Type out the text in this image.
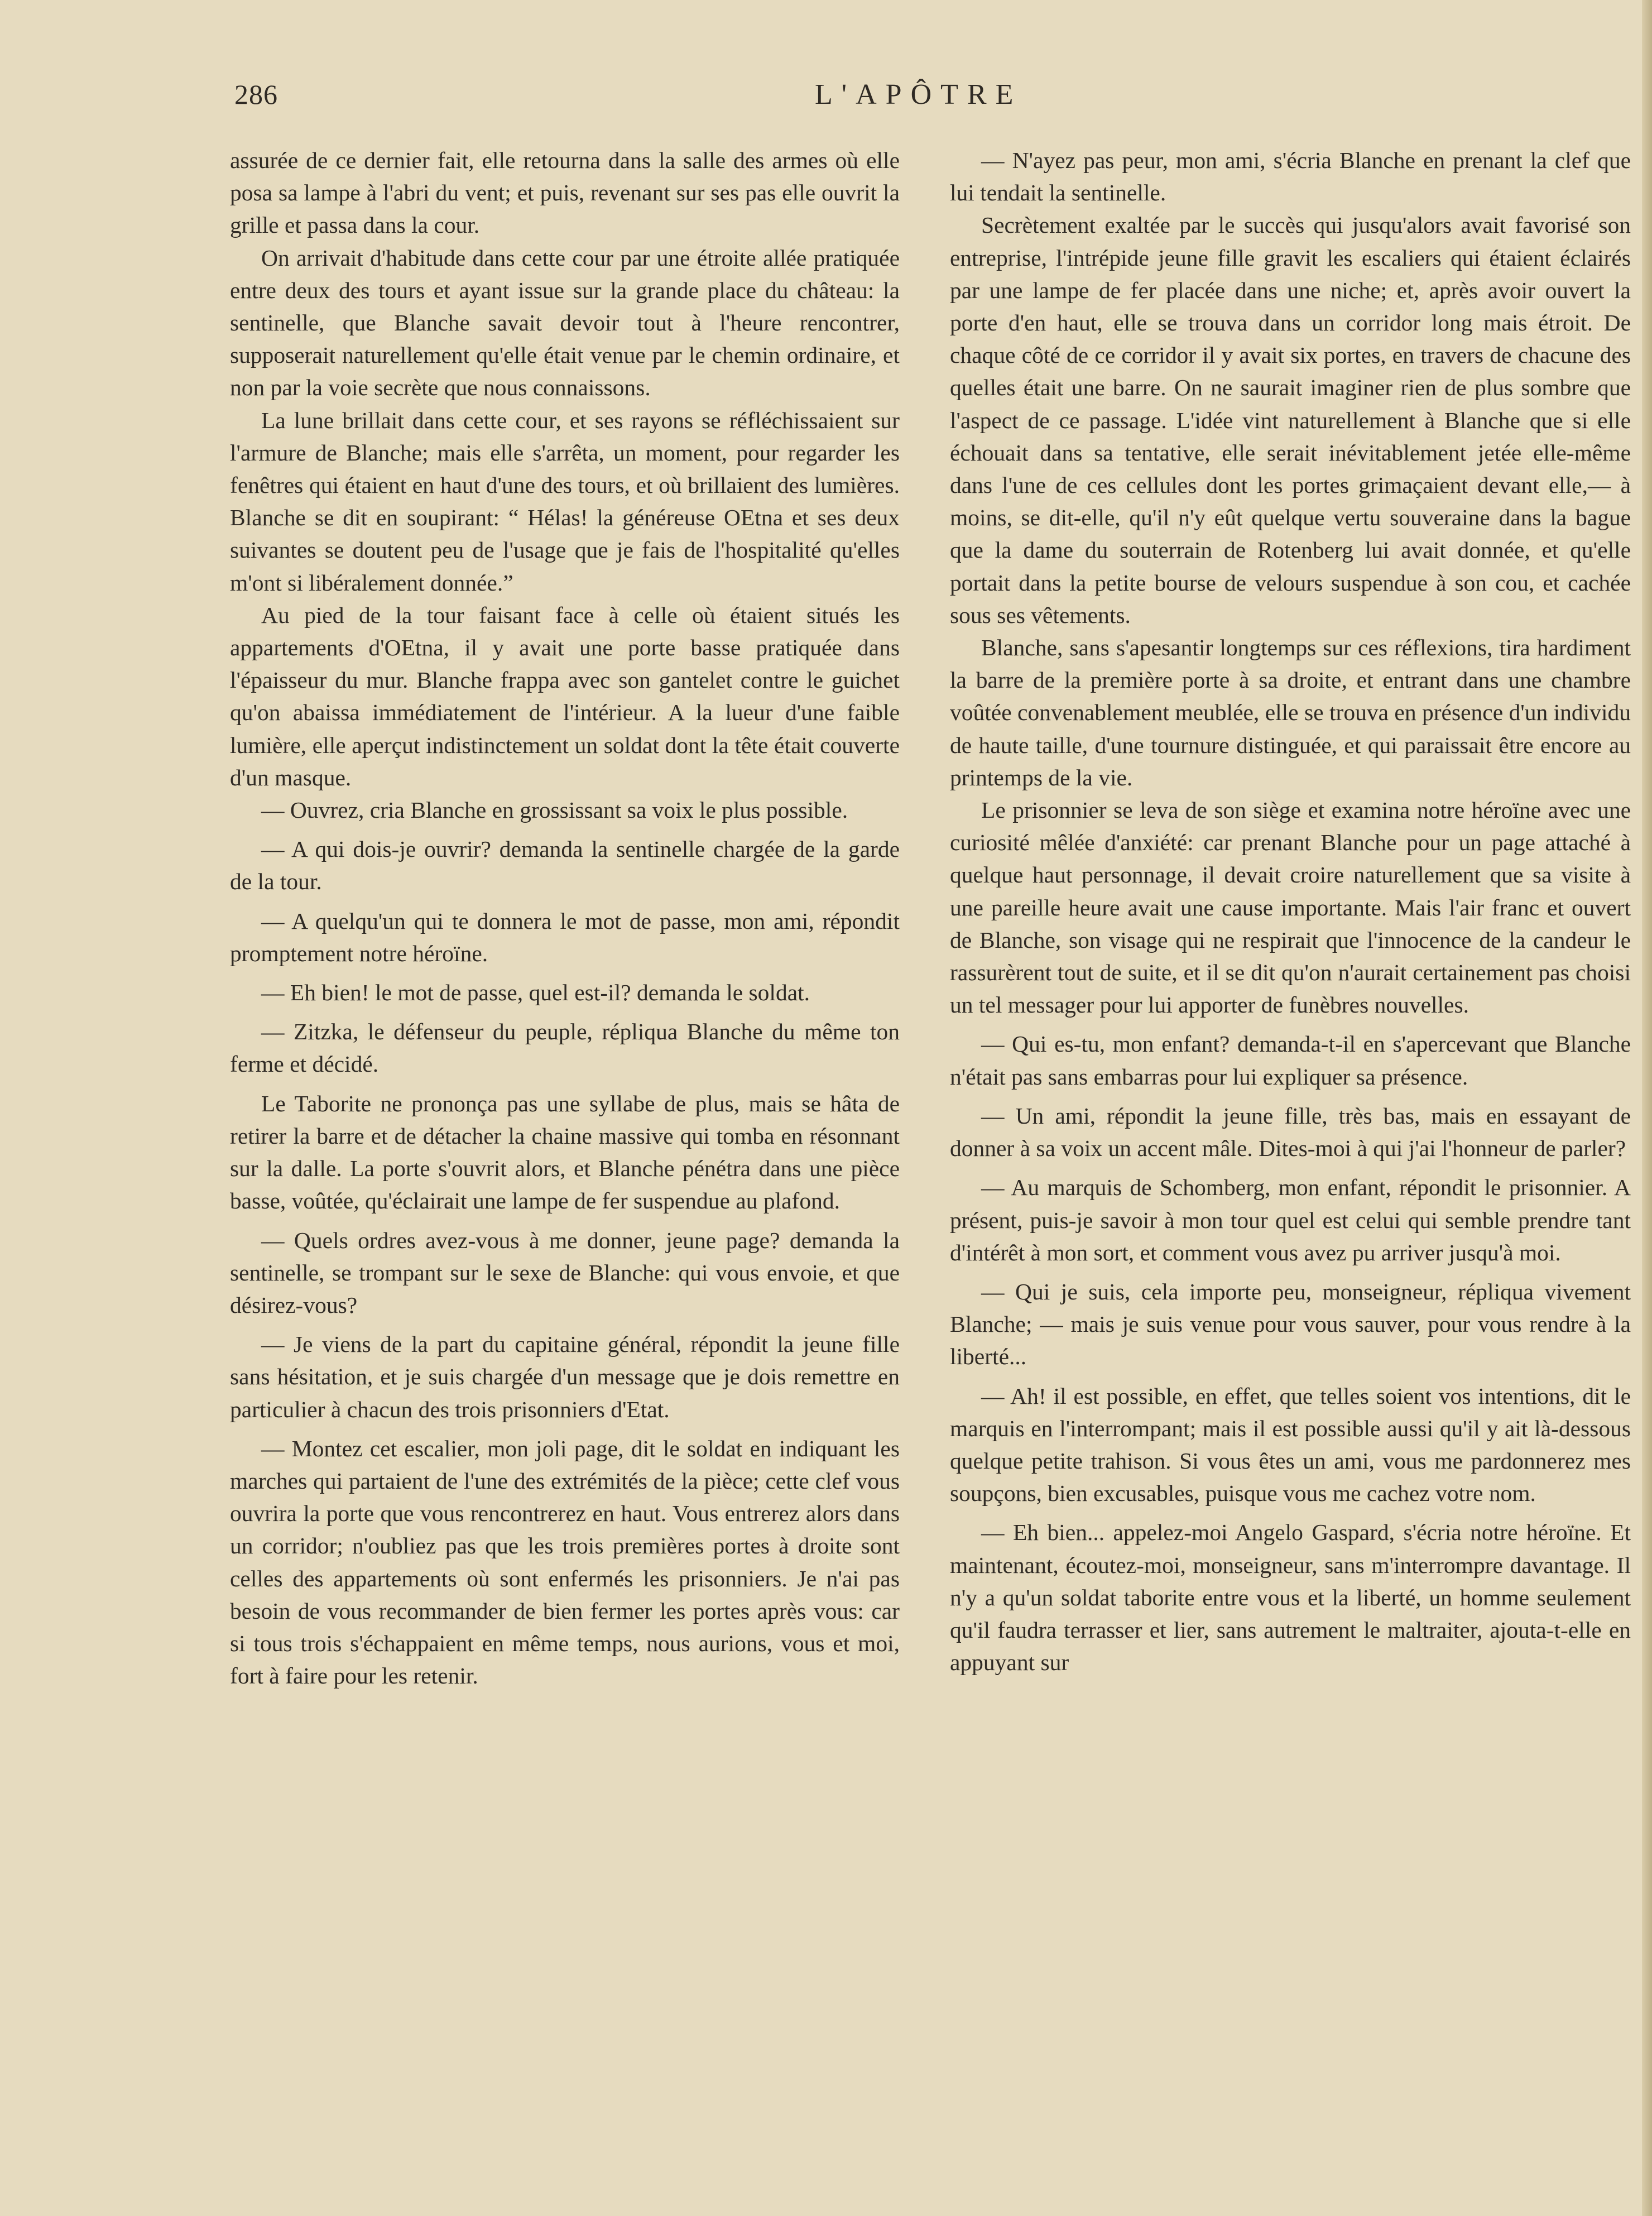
286	L'APÔTRE

assurée de ce dernier fait, elle retourna dans la salle des armes où elle posa sa lampe à l'abri du vent; et puis, revenant sur ses pas elle ouvrit la grille et passa dans la cour.

On arrivait d'habitude dans cette cour par une étroite allée pratiquée entre deux des tours et ayant issue sur la grande place du château: la sentinelle, que Blanche savait devoir tout à l'heure rencontrer, supposerait naturellement qu'elle était venue par le chemin ordinaire, et non par la voie secrète que nous connaissons.

La lune brillait dans cette cour, et ses rayons se réfléchissaient sur l'armure de Blanche; mais elle s'arrêta, un moment, pour regarder les fenêtres qui étaient en haut d'une des tours, et où brillaient des lumières. Blanche se dit en soupirant: “ Hélas! la généreuse OEtna et ses deux suivantes se doutent peu de l'usage que je fais de l'hospitalité qu'elles m'ont si libéralement donnée.”

Au pied de la tour faisant face à celle où étaient situés les appartements d'OEtna, il y avait une porte basse pratiquée dans l'épaisseur du mur. Blanche frappa avec son gantelet contre le guichet qu'on abaissa immédiatement de l'intérieur. A la lueur d'une faible lumière, elle aperçut indistinctement un soldat dont la tête était couverte d'un masque.

— Ouvrez, cria Blanche en grossissant sa voix le plus possible.

— A qui dois-je ouvrir? demanda la sentinelle chargée de la garde de la tour.

— A quelqu'un qui te donnera le mot de passe, mon ami, répondit promptement notre héroïne.

— Eh bien! le mot de passe, quel est-il? demanda le soldat.

— Zitzka, le défenseur du peuple, répliqua Blanche du même ton ferme et décidé.

Le Taborite ne prononça pas une syllabe de plus, mais se hâta de retirer la barre et de détacher la chaine massive qui tomba en résonnant sur la dalle. La porte s'ouvrit alors, et Blanche pénétra dans une pièce basse, voûtée, qu'éclairait une lampe de fer suspendue au plafond.

— Quels ordres avez-vous à me donner, jeune page? demanda la sentinelle, se trompant sur le sexe de Blanche: qui vous envoie, et que désirez-vous?

— Je viens de la part du capitaine général, répondit la jeune fille sans hésitation, et je suis chargée d'un message que je dois remettre en particulier à chacun des trois prisonniers d'Etat.

— Montez cet escalier, mon joli page, dit le soldat en indiquant les marches qui partaient de l'une des extrémités de la pièce; cette clef vous ouvrira la porte que vous rencontrerez en haut. Vous entrerez alors dans un corridor; n'oubliez pas que les trois premières portes à droite sont celles des appartements où sont enfermés les prisonniers. Je n'ai pas besoin de vous recommander de bien fermer les portes après vous: car si tous trois s'échappaient en même temps, nous aurions, vous et moi, fort à faire pour les retenir.

— N'ayez pas peur, mon ami, s'écria Blanche en prenant la clef que lui tendait la sentinelle.

Secrètement exaltée par le succès qui jusqu'alors avait favorisé son entreprise, l'intrépide jeune fille gravit les escaliers qui étaient éclairés par une lampe de fer placée dans une niche; et, après avoir ouvert la porte d'en haut, elle se trouva dans un corridor long mais étroit. De chaque côté de ce corridor il y avait six portes, en travers de chacune des quelles était une barre. On ne saurait imaginer rien de plus sombre que l'aspect de ce passage. L'idée vint naturellement à Blanche que si elle échouait dans sa tentative, elle serait inévitablement jetée elle-même dans l'une de ces cellules dont les portes grimaçaient devant elle,— à moins, se dit-elle, qu'il n'y eût quelque vertu souveraine dans la bague que la dame du souterrain de Rotenberg lui avait donnée, et qu'elle portait dans la petite bourse de velours suspendue à son cou, et cachée sous ses vêtements.

Blanche, sans s'apesantir longtemps sur ces réflexions, tira hardiment la barre de la première porte à sa droite, et entrant dans une chambre voûtée convenablement meublée, elle se trouva en présence d'un individu de haute taille, d'une tournure distinguée, et qui paraissait être encore au printemps de la vie.

Le prisonnier se leva de son siège et examina notre héroïne avec une curiosité mêlée d'anxiété: car prenant Blanche pour un page attaché à quelque haut personnage, il devait croire naturellement que sa visite à une pareille heure avait une cause importante. Mais l'air franc et ouvert de Blanche, son visage qui ne respirait que l'innocence de la candeur le rassurèrent tout de suite, et il se dit qu'on n'aurait certainement pas choisi un tel messager pour lui apporter de funèbres nouvelles.

— Qui es-tu, mon enfant? demanda-t-il en s'apercevant que Blanche n'était pas sans embarras pour lui expliquer sa présence.

— Un ami, répondit la jeune fille, très bas, mais en essayant de donner à sa voix un accent mâle. Dites-moi à qui j'ai l'honneur de parler?

— Au marquis de Schomberg, mon enfant, répondit le prisonnier. A présent, puis-je savoir à mon tour quel est celui qui semble prendre tant d'intérêt à mon sort, et comment vous avez pu arriver jusqu'à moi.

— Qui je suis, cela importe peu, monseigneur, répliqua vivement Blanche; — mais je suis venue pour vous sauver, pour vous rendre à la liberté...

— Ah! il est possible, en effet, que telles soient vos intentions, dit le marquis en l'interrompant; mais il est possible aussi qu'il y ait là-dessous quelque petite trahison. Si vous êtes un ami, vous me pardonnerez mes soupçons, bien excusables, puisque vous me cachez votre nom.

— Eh bien... appelez-moi Angelo Gaspard, s'écria notre héroïne. Et maintenant, écoutez-moi, monseigneur, sans m'interrompre davantage. Il n'y a qu'un soldat taborite entre vous et la liberté, un homme seulement qu'il faudra terrasser et lier, sans autrement le maltraiter, ajouta-t-elle en appuyant sur
